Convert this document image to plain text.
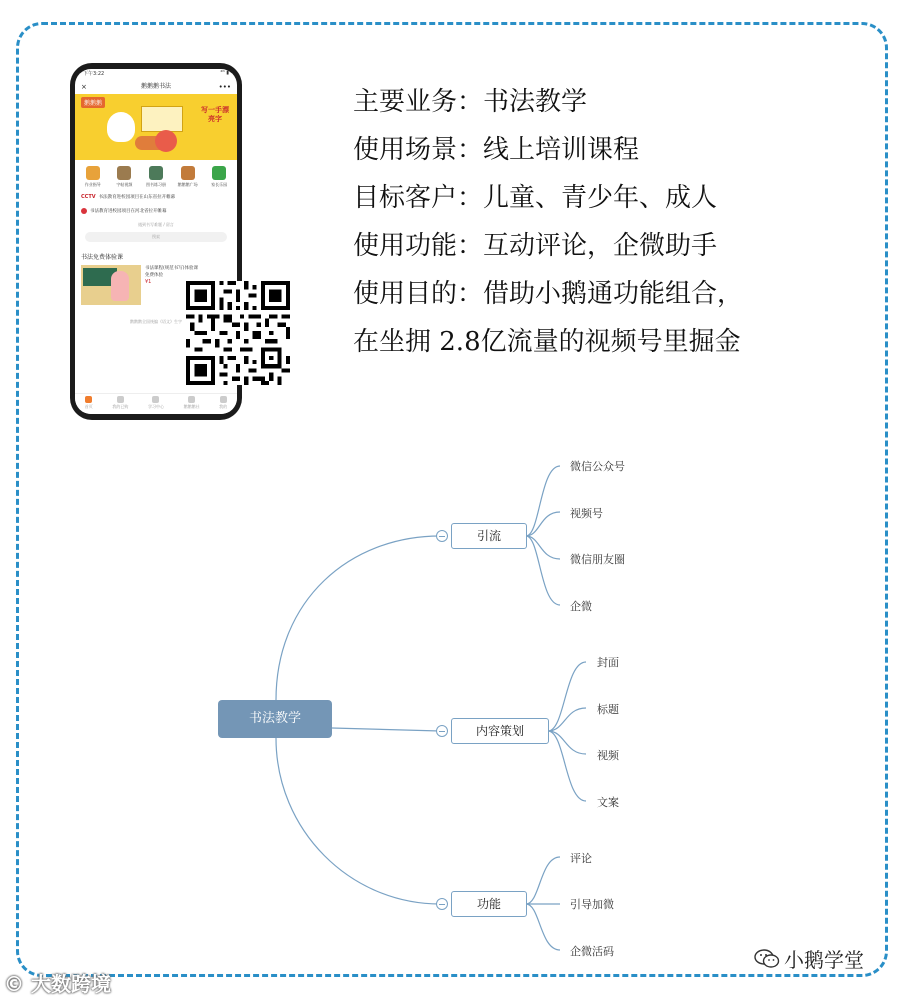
下午3:22	⁴ᴳ ▮
×	鹅鹅鹅书法	•••
鹅鹅鹅
写一手漂亮字
作业指导	字帖视频	图书练习册	鹅鹅鹅广场	家长乐园
CCTV 书法教育进校园项目在山东省拉开帷幕
书法教育进校园项目在河北省拉开帷幕
遇到书写难题 / 留言
搜索
书法免费体验课
书法课程(规范书写)体验课
免费体验
¥1
鹅鹅鹅全国统编《语文》生字
首页	我的已购	学习中心	鹅鹅鹅社	我的

主要业务：书法教学

使用场景：线上培训课程

目标客户：儿童、青少年、成人

使用功能：互动评论，企微助手

使用目的：借助小鹅通功能组合，

在坐拥 2.8亿流量的视频号里掘金

书法教学
引流
内容策划
功能
微信公众号
视频号
微信朋友圈
企微
封面
标题
视频
文案
评论
引导加微
企微活码
© 大数跨境
小鹅学堂
